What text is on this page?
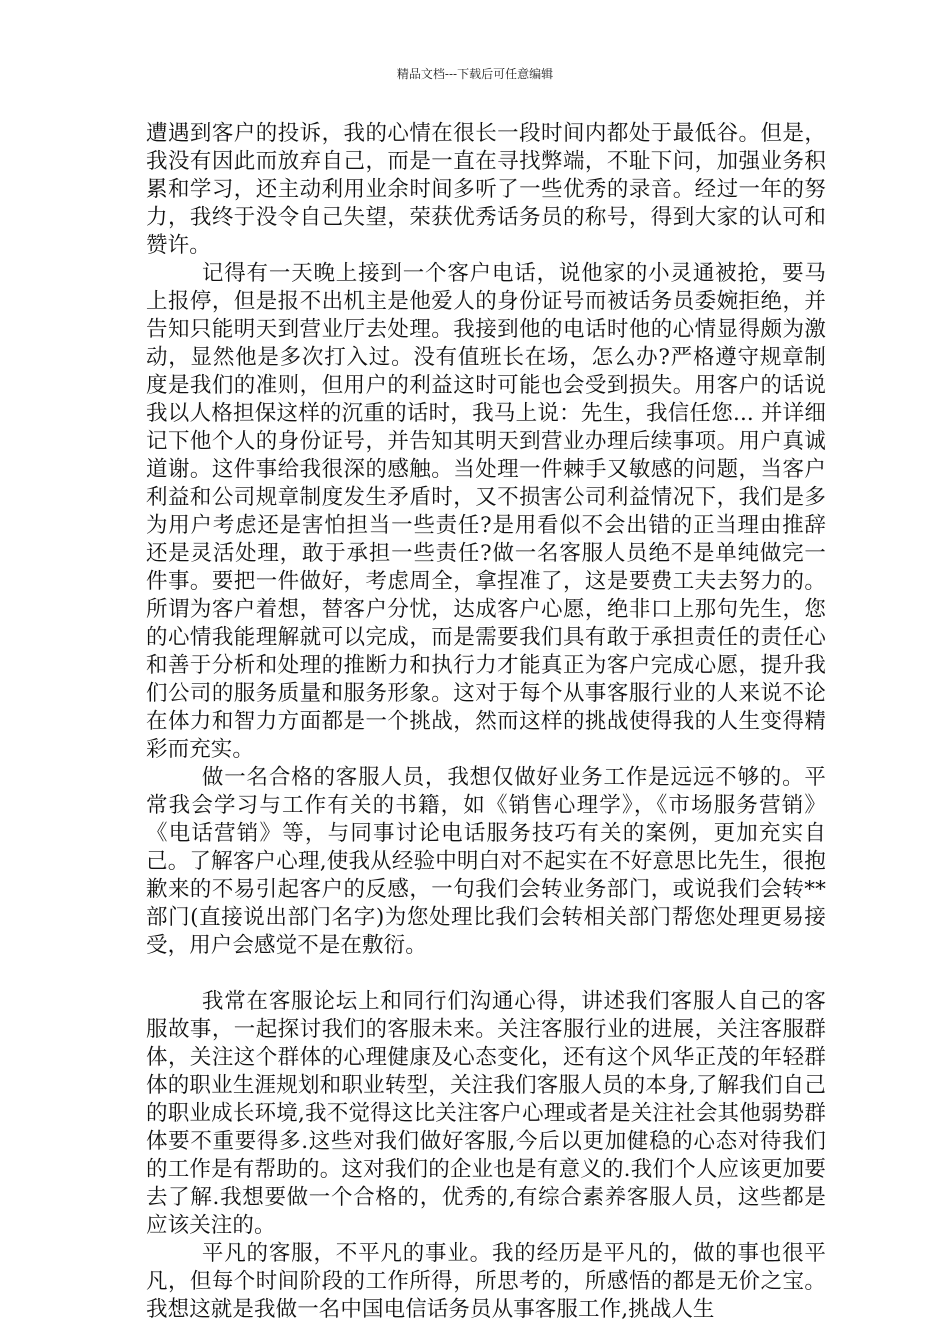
精品文档---下载后可任意编辑

遭遇到客户的投诉，我的心情在很长一段时间内都处于最低谷。但是，我没有因此而放弃自己，而是一直在寻找弊端，不耻下问，加强业务积累和学习，还主动利用业余时间多听了一些优秀的录音。经过一年的努力，我终于没令自己失望，荣获优秀话务员的称号，得到大家的认可和赞许。

记得有一天晚上接到一个客户电话，说他家的小灵通被抢，要马上报停，但是报不出机主是他爱人的身份证号而被话务员委婉拒绝，并告知只能明天到营业厅去处理。我接到他的电话时他的心情显得颇为激动，显然他是多次打入过。没有值班长在场，怎么办?严格遵守规章制度是我们的准则，但用户的利益这时可能也会受到损失。用客户的话说我以人格担保这样的沉重的话时，我马上说：先生，我信任您... 并详细记下他个人的身份证号，并告知其明天到营业办理后续事项。用户真诚道谢。这件事给我很深的感触。当处理一件棘手又敏感的问题，当客户利益和公司规章制度发生矛盾时，又不损害公司利益情况下，我们是多为用户考虑还是害怕担当一些责任?是用看似不会出错的正当理由推辞还是灵活处理，敢于承担一些责任?做一名客服人员绝不是单纯做完一件事。要把一件做好，考虑周全，拿捏准了，这是要费工夫去努力的。所谓为客户着想，替客户分忧，达成客户心愿，绝非口上那句先生，您的心情我能理解就可以完成，而是需要我们具有敢于承担责任的责任心和善于分析和处理的推断力和执行力才能真正为客户完成心愿，提升我们公司的服务质量和服务形象。这对于每个从事客服行业的人来说不论在体力和智力方面都是一个挑战，然而这样的挑战使得我的人生变得精彩而充实。

做一名合格的客服人员，我想仅做好业务工作是远远不够的。平常我会学习与工作有关的书籍，如《销售心理学》，《市场服务营销》《电话营销》等，与同事讨论电话服务技巧有关的案例，更加充实自己。了解客户心理,使我从经验中明白对不起实在不好意思比先生，很抱歉来的不易引起客户的反感，一句我们会转业务部门，或说我们会转**部门(直接说出部门名字)为您处理比我们会转相关部门帮您处理更易接受，用户会感觉不是在敷衍。

我常在客服论坛上和同行们沟通心得，讲述我们客服人自己的客服故事，一起探讨我们的客服未来。关注客服行业的进展，关注客服群体，关注这个群体的心理健康及心态变化，还有这个风华正茂的年轻群体的职业生涯规划和职业转型，关注我们客服人员的本身,了解我们自己的职业成长环境,我不觉得这比关注客户心理或者是关注社会其他弱势群体要不重要得多.这些对我们做好客服,今后以更加健稳的心态对待我们的工作是有帮助的。这对我们的企业也是有意义的.我们个人应该更加要去了解.我想要做一个合格的，优秀的,有综合素养客服人员，这些都是应该关注的。

平凡的客服，不平凡的事业。我的经历是平凡的，做的事也很平凡，但每个时间阶段的工作所得，所思考的，所感悟的都是无价之宝。我想这就是我做一名中国电信话务员从事客服工作,挑战人生
